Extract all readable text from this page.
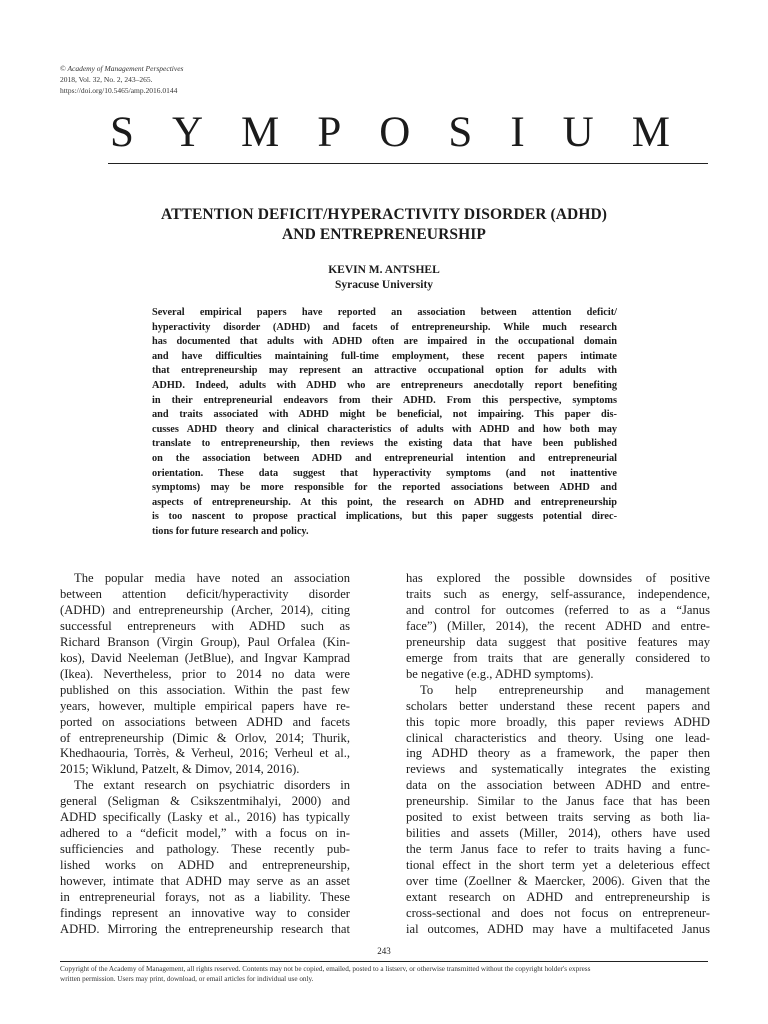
© Academy of Management Perspectives
2018, Vol. 32, No. 2, 243–265.
https://doi.org/10.5465/amp.2016.0144
S Y M P O S I U M
ATTENTION DEFICIT/HYPERACTIVITY DISORDER (ADHD)
AND ENTREPRENEURSHIP
KEVIN M. ANTSHEL
Syracuse University
Several empirical papers have reported an association between attention deficit/
hyperactivity disorder (ADHD) and facets of entrepreneurship. While much research
has documented that adults with ADHD often are impaired in the occupational domain
and have difficulties maintaining full-time employment, these recent papers intimate
that entrepreneurship may represent an attractive occupational option for adults with
ADHD. Indeed, adults with ADHD who are entrepreneurs anecdotally report benefiting
in their entrepreneurial endeavors from their ADHD. From this perspective, symptoms
and traits associated with ADHD might be beneficial, not impairing. This paper dis-
cusses ADHD theory and clinical characteristics of adults with ADHD and how both may
translate to entrepreneurship, then reviews the existing data that have been published
on the association between ADHD and entrepreneurial intention and entrepreneurial
orientation. These data suggest that hyperactivity symptoms (and not inattentive
symptoms) may be more responsible for the reported associations between ADHD and
aspects of entrepreneurship. At this point, the research on ADHD and entrepreneurship
is too nascent to propose practical implications, but this paper suggests potential direc-
tions for future research and policy.
The popular media have noted an association
between attention deficit/hyperactivity disorder
(ADHD) and entrepreneurship (Archer, 2014), citing
successful entrepreneurs with ADHD such as
Richard Branson (Virgin Group), Paul Orfalea (Kin-
kos), David Neeleman (JetBlue), and Ingvar Kamprad
(Ikea). Nevertheless, prior to 2014 no data were
published on this association. Within the past few
years, however, multiple empirical papers have re-
ported on associations between ADHD and facets
of entrepreneurship (Dimic & Orlov, 2014; Thurik,
Khedhaouria, Torrès, & Verheul, 2016; Verheul et al.,
2015; Wiklund, Patzelt, & Dimov, 2014, 2016).
The extant research on psychiatric disorders in
general (Seligman & Csikszentmihalyi, 2000) and
ADHD specifically (Lasky et al., 2016) has typically
adhered to a “deficit model,” with a focus on in-
sufficiencies and pathology. These recently pub-
lished works on ADHD and entrepreneurship,
however, intimate that ADHD may serve as an asset
in entrepreneurial forays, not as a liability. These
findings represent an innovative way to consider
ADHD. Mirroring the entrepreneurship research that
has explored the possible downsides of positive
traits such as energy, self-assurance, independence,
and control for outcomes (referred to as a “Janus
face”) (Miller, 2014), the recent ADHD and entre-
preneurship data suggest that positive features may
emerge from traits that are generally considered to
be negative (e.g., ADHD symptoms).
To help entrepreneurship and management
scholars better understand these recent papers and
this topic more broadly, this paper reviews ADHD
clinical characteristics and theory. Using one lead-
ing ADHD theory as a framework, the paper then
reviews and systematically integrates the existing
data on the association between ADHD and entre-
preneurship. Similar to the Janus face that has been
posited to exist between traits serving as both lia-
bilities and assets (Miller, 2014), others have used
the term Janus face to refer to traits having a func-
tional effect in the short term yet a deleterious effect
over time (Zoellner & Maercker, 2006). Given that the
extant research on ADHD and entrepreneurship is
cross-sectional and does not focus on entrepreneur-
ial outcomes, ADHD may have a multifaceted Janus
243
Copyright of the Academy of Management, all rights reserved. Contents may not be copied, emailed, posted to a listserv, or otherwise transmitted without the copyright holder's express
written permission. Users may print, download, or email articles for individual use only.
